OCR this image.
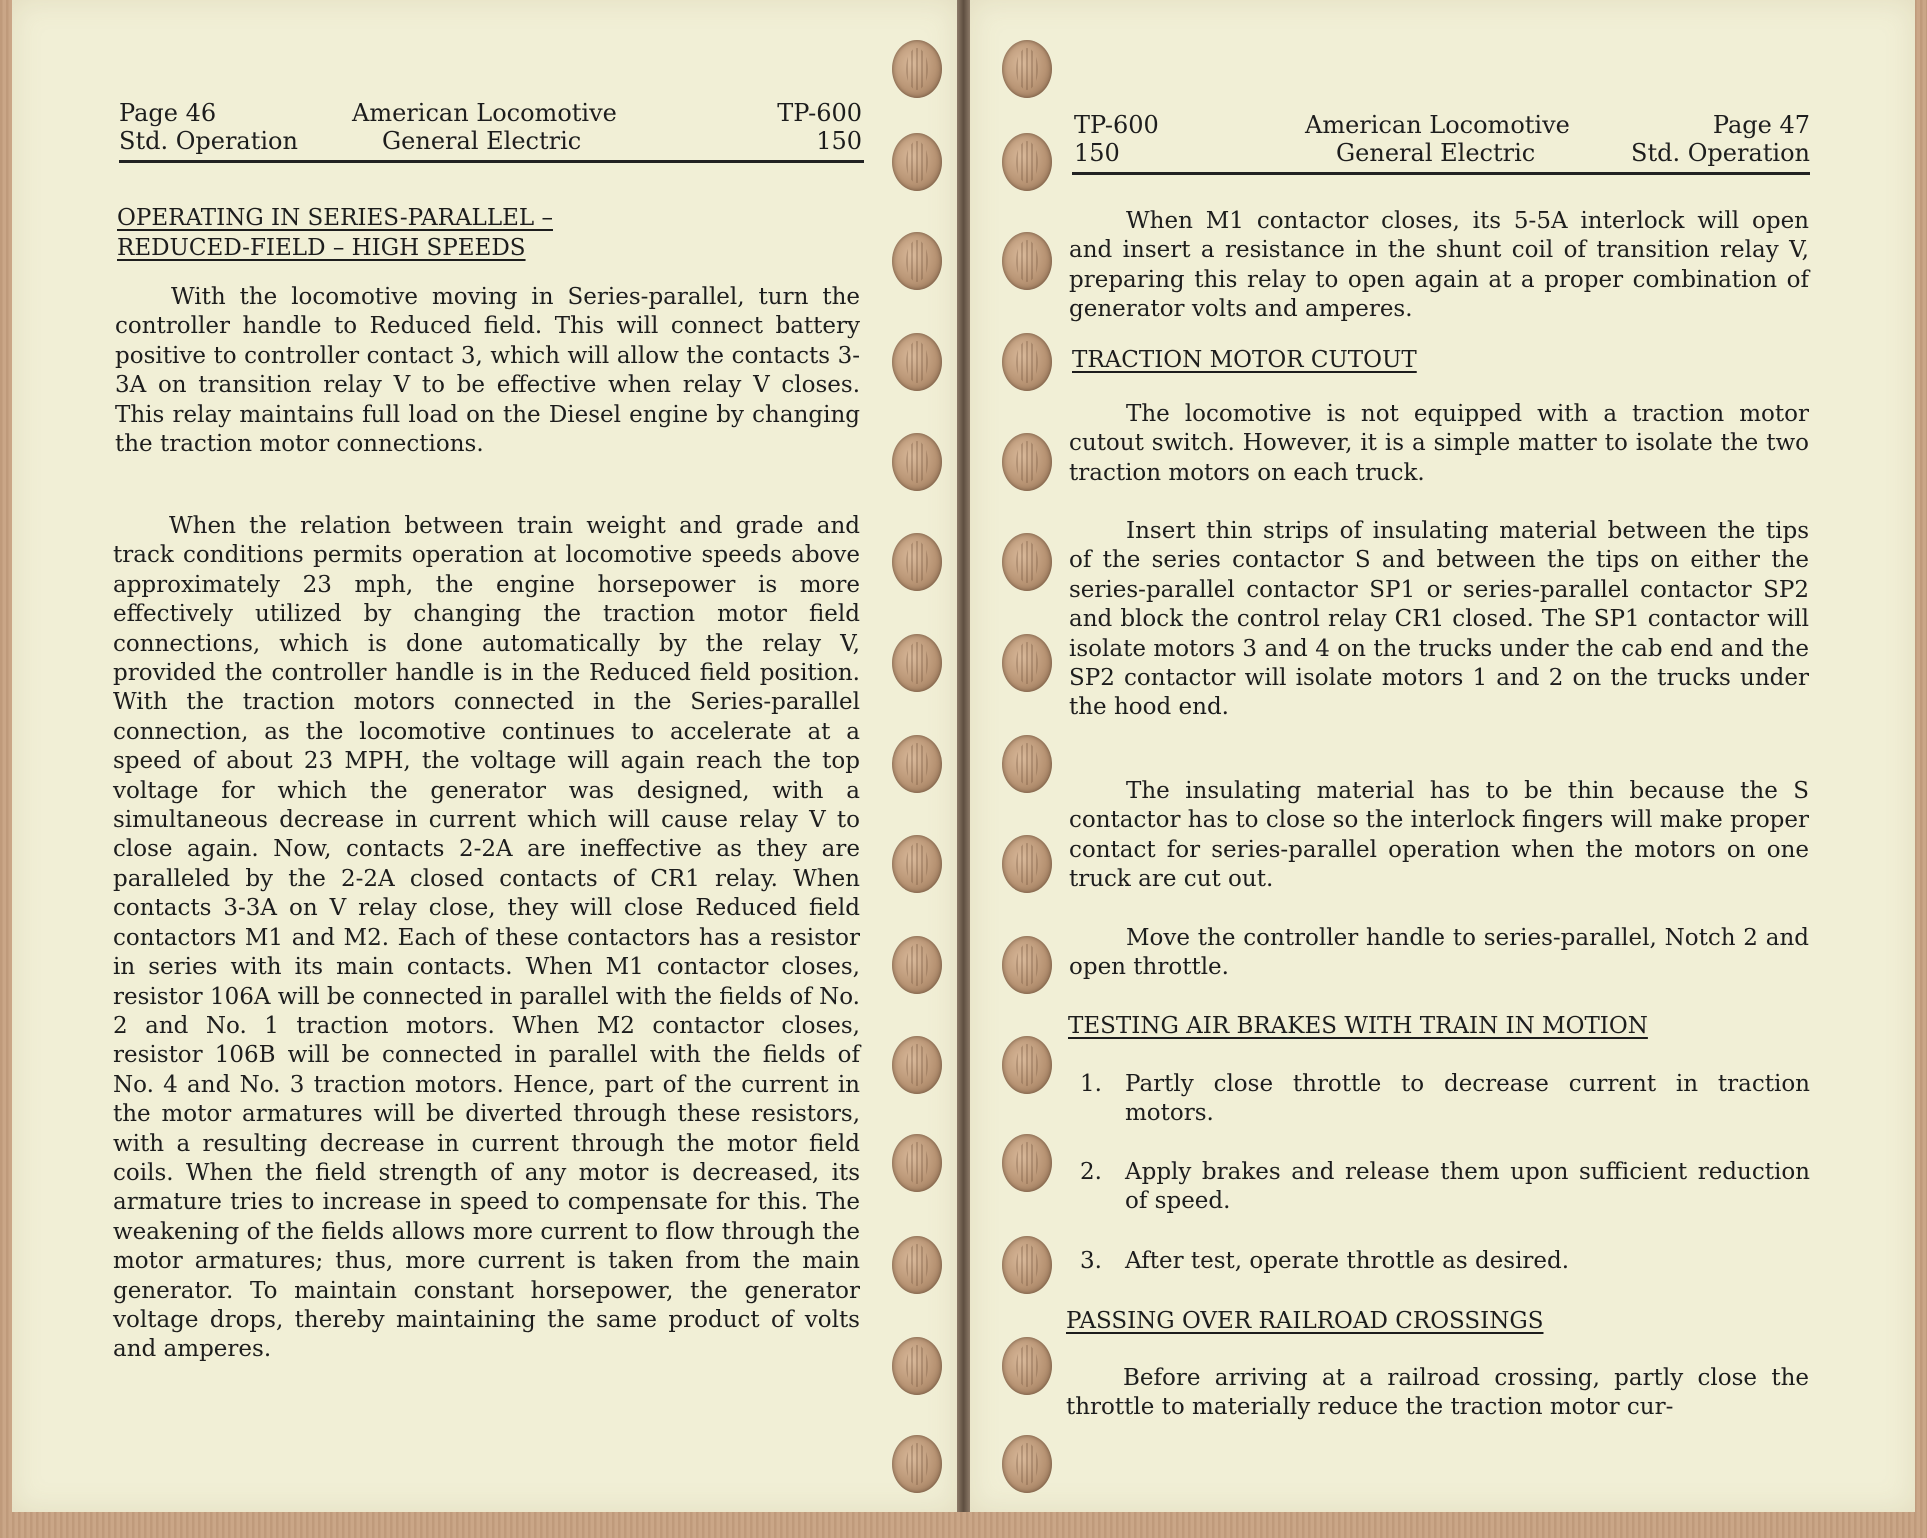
Page 46
Std. Operation
American Locomotive
General Electric
TP-600
150
OPERATING IN SERIES-PARALLEL –
REDUCED-FIELD – HIGH SPEEDS

With the locomotive moving in Series-parallel, turn the controller handle to Reduced field. This will connect battery positive to controller contact 3, which will allow the contacts 3-3A on transition relay V to be effective when relay V closes. This relay maintains full load on the Diesel engine by changing the traction motor connections.

When the relation between train weight and grade and track conditions permits operation at locomotive speeds above approximately 23 mph, the engine horsepower is more effectively utilized by changing the traction motor field connections, which is done automatically by the relay V, provided the controller handle is in the Reduced field position. With the traction motors connected in the Series-parallel connection, as the locomotive continues to accelerate at a speed of about 23 MPH, the voltage will again reach the top voltage for which the generator was designed, with a simultaneous decrease in current which will cause relay V to close again. Now, contacts 2-2A are ineffective as they are paralleled by the 2-2A closed contacts of CR1 relay. When contacts 3-3A on V relay close, they will close Reduced field contactors M1 and M2. Each of these contactors has a resistor in series with its main contacts. When M1 contactor closes, resistor 106A will be connected in parallel with the fields of No. 2 and No. 1 traction motors. When M2 contactor closes, resistor 106B will be connected in parallel with the fields of No. 4 and No. 3 traction motors. Hence, part of the current in the motor armatures will be diverted through these resistors, with a resulting decrease in current through the motor field coils. When the field strength of any motor is decreased, its armature tries to increase in speed to compensate for this. The weakening of the fields allows more current to flow through the motor armatures; thus, more current is taken from the main generator. To maintain constant horsepower, the generator voltage drops, thereby maintaining the same product of volts and amperes.

TP-600
150
American Locomotive
General Electric
Page 47
Std. Operation

When M1 contactor closes, its 5-5A interlock will open and insert a resistance in the shunt coil of transition relay V, preparing this relay to open again at a proper combination of generator volts and amperes.

TRACTION MOTOR CUTOUT

The locomotive is not equipped with a traction motor cutout switch. However, it is a simple matter to isolate the two traction motors on each truck.

Insert thin strips of insulating material between the tips of the series contactor S and between the tips on either the series-parallel contactor SP1 or series-parallel contactor SP2 and block the control relay CR1 closed. The SP1 contactor will isolate motors 3 and 4 on the trucks under the cab end and the SP2 contactor will isolate motors 1 and 2 on the trucks under the hood end.

The insulating material has to be thin because the S contactor has to close so the interlock fingers will make proper contact for series-parallel operation when the motors on one truck are cut out.

Move the controller handle to series-parallel, Notch 2 and open throttle.

TESTING AIR BRAKES WITH TRAIN IN MOTION
1. Partly close throttle to decrease current in traction motors.
2. Apply brakes and release them upon sufficient reduction of speed.
3. After test, operate throttle as desired.
PASSING OVER RAILROAD CROSSINGS

Before arriving at a railroad crossing, partly close the throttle to materially reduce the traction motor cur-
